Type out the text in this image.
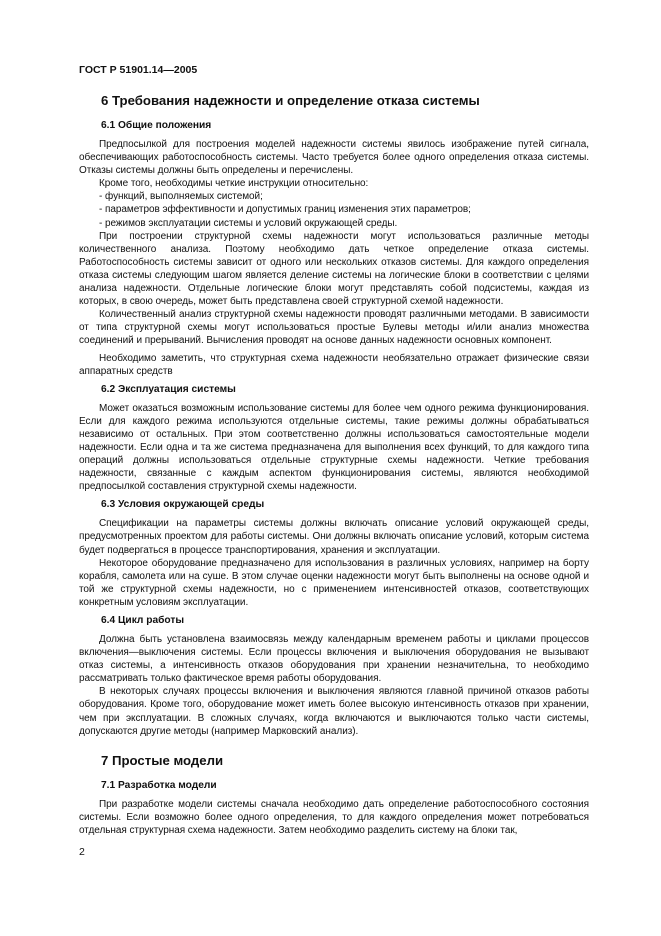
ГОСТ Р 51901.14—2005
6 Требования надежности и определение отказа системы
6.1 Общие положения

Предпосылкой для построения моделей надежности системы явилось изображение путей сигнала, обеспечивающих работоспособность системы. Часто требуется более одного определения отказа системы. Отказы системы должны быть определены и перечислены.

Кроме того, необходимы четкие инструкции относительно:

- функций, выполняемых системой;

- параметров эффективности и допустимых границ изменения этих параметров;

- режимов эксплуатации системы и условий окружающей среды.

При построении структурной схемы надежности могут использоваться различные методы количественного анализа. Поэтому необходимо дать четкое определение отказа системы. Работоспособность системы зависит от одного или нескольких отказов системы. Для каждого определения отказа системы следующим шагом является деление системы на логические блоки в соответствии с целями анализа надежности. Отдельные логические блоки могут представлять собой подсистемы, каждая из которых, в свою очередь, может быть представлена своей структурной схемой надежности.

Количественный анализ структурной схемы надежности проводят различными методами. В зависимости от типа структурной схемы могут использоваться простые Булевы методы и/или анализ множества соединений и прерываний. Вычисления проводят на основе данных надежности основных компонент.

Необходимо заметить, что структурная схема надежности необязательно отражает физические связи аппаратных средств

6.2 Эксплуатация системы

Может оказаться возможным использование системы для более чем одного режима функционирования. Если для каждого режима используются отдельные системы, такие режимы должны обрабатываться независимо от остальных. При этом соответственно должны использоваться самостоятельные модели надежности. Если одна и та же система предназначена для выполнения всех функций, то для каждого типа операций должны использоваться отдельные структурные схемы надежности. Четкие требования надежности, связанные с каждым аспектом функционирования системы, являются необходимой предпосылкой составления структурной схемы надежности.

6.3 Условия окружающей среды

Спецификации на параметры системы должны включать описание условий окружающей среды, предусмотренных проектом для работы системы. Они должны включать описание условий, которым система будет подвергаться в процессе транспортирования, хранения и эксплуатации.

Некоторое оборудование предназначено для использования в различных условиях, например на борту корабля, самолета или на суше. В этом случае оценки надежности могут быть выполнены на основе одной и той же структурной схемы надежности, но с применением интенсивностей отказов, соответствующих конкретным условиям эксплуатации.

6.4 Цикл работы

Должна быть установлена взаимосвязь между календарным временем работы и циклами процессов включения—выключения системы. Если процессы включения и выключения оборудования не вызывают отказ системы, а интенсивность отказов оборудования при хранении незначительна, то необходимо рассматривать только фактическое время работы оборудования.

В некоторых случаях процессы включения и выключения являются главной причиной отказов работы оборудования. Кроме того, оборудование может иметь более высокую интенсивность отказов при хранении, чем при эксплуатации. В сложных случаях, когда включаются и выключаются только части системы, допускаются другие методы (например Марковский анализ).

7 Простые модели
7.1 Разработка модели

При разработке модели системы сначала необходимо дать определение работоспособного состояния системы. Если возможно более одного определения, то для каждого определения может потребоваться отдельная структурная схема надежности. Затем необходимо разделить систему на блоки так,

2
